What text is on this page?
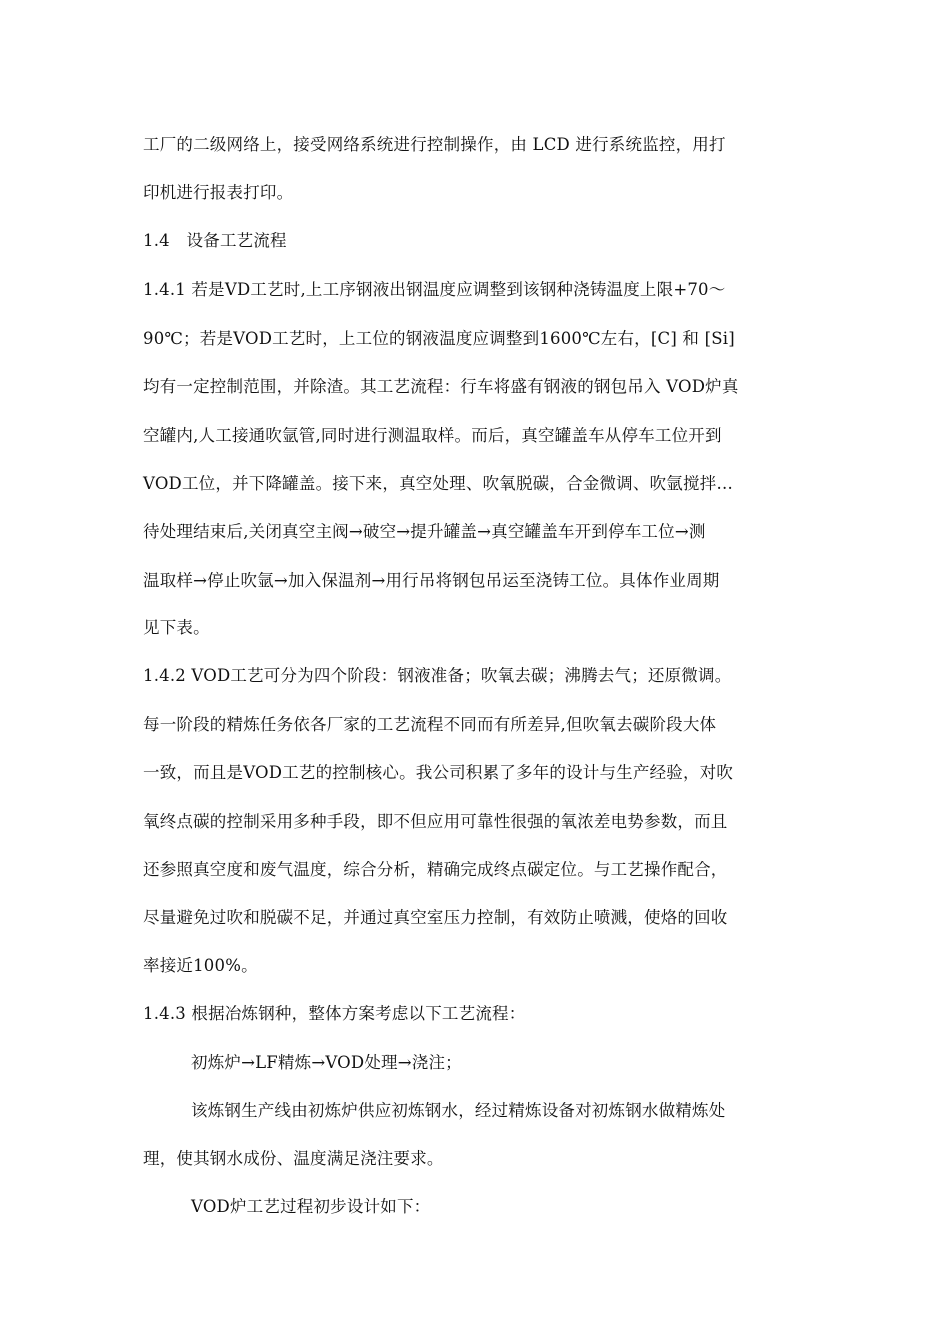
工厂的二级网络上，接受网络系统进行控制操作，由 LCD 进行系统监控，用打
印机进行报表打印。
1.4　设备工艺流程
1.4.1 若是VD工艺时,上工序钢液出钢温度应调整到该钢种浇铸温度上限+70～
90℃；若是VOD工艺时，上工位的钢液温度应调整到1600℃左右，[C] 和 [Si]
均有一定控制范围，并除渣。其工艺流程：行车将盛有钢液的钢包吊入 VOD炉真
空罐内,人工接通吹氩管,同时进行测温取样。而后，真空罐盖车从停车工位开到
VOD工位，并下降罐盖。接下来，真空处理、吹氧脱碳，合金微调、吹氩搅拌…
待处理结束后,关闭真空主阀→破空→提升罐盖→真空罐盖车开到停车工位→测
温取样→停止吹氩→加入保温剂→用行吊将钢包吊运至浇铸工位。具体作业周期
见下表。
1.4.2 VOD工艺可分为四个阶段：钢液准备；吹氧去碳；沸腾去气；还原微调。
每一阶段的精炼任务依各厂家的工艺流程不同而有所差异,但吹氧去碳阶段大体
一致，而且是VOD工艺的控制核心。我公司积累了多年的设计与生产经验，对吹
氧终点碳的控制采用多种手段，即不但应用可靠性很强的氧浓差电势参数，而且
还参照真空度和废气温度，综合分析，精确完成终点碳定位。与工艺操作配合，
尽量避免过吹和脱碳不足，并通过真空室压力控制，有效防止喷溅，使烙的回收
率接近100%。
1.4.3 根据冶炼钢种，整体方案考虑以下工艺流程：
初炼炉→LF精炼→VOD处理→浇注；
该炼钢生产线由初炼炉供应初炼钢水，经过精炼设备对初炼钢水做精炼处
理，使其钢水成份、温度满足浇注要求。
VOD炉工艺过程初步设计如下：
